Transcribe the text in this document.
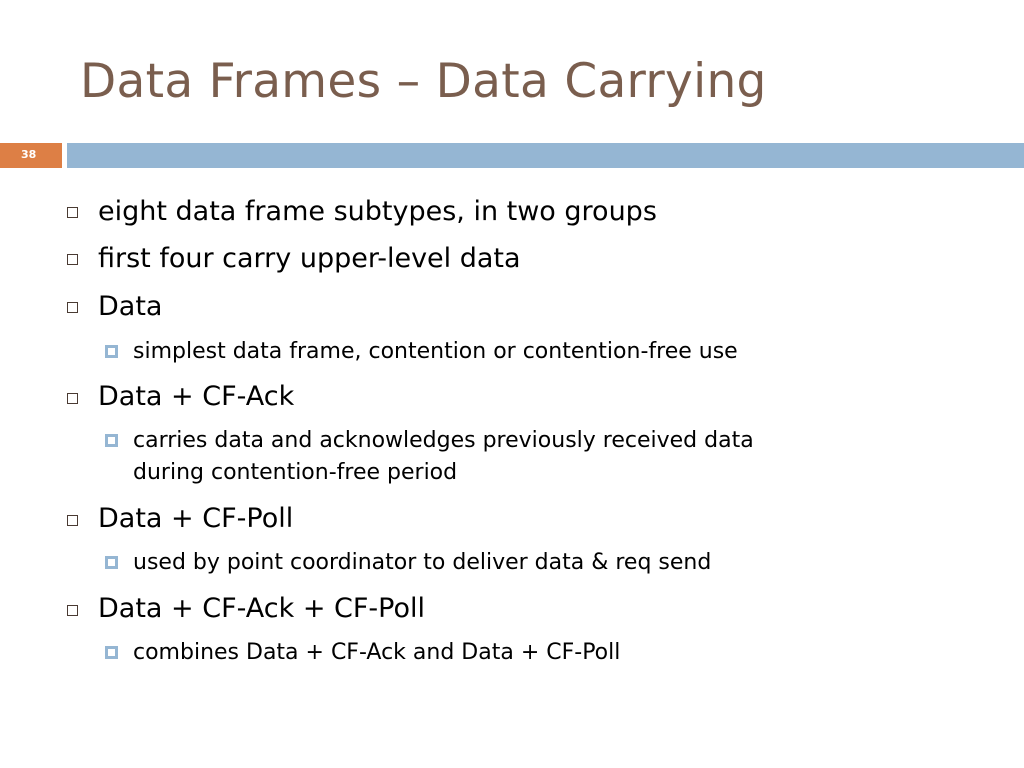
Data Frames – Data Carrying
38
eight data frame subtypes, in two groups
first four carry upper-level data
Data
simplest data frame, contention or contention-free use
Data + CF-Ack
carries data and acknowledges previously received data
during contention-free period
Data + CF-Poll
used by point coordinator to deliver data & req send
Data + CF-Ack + CF-Poll
combines Data + CF-Ack and Data + CF-Poll
